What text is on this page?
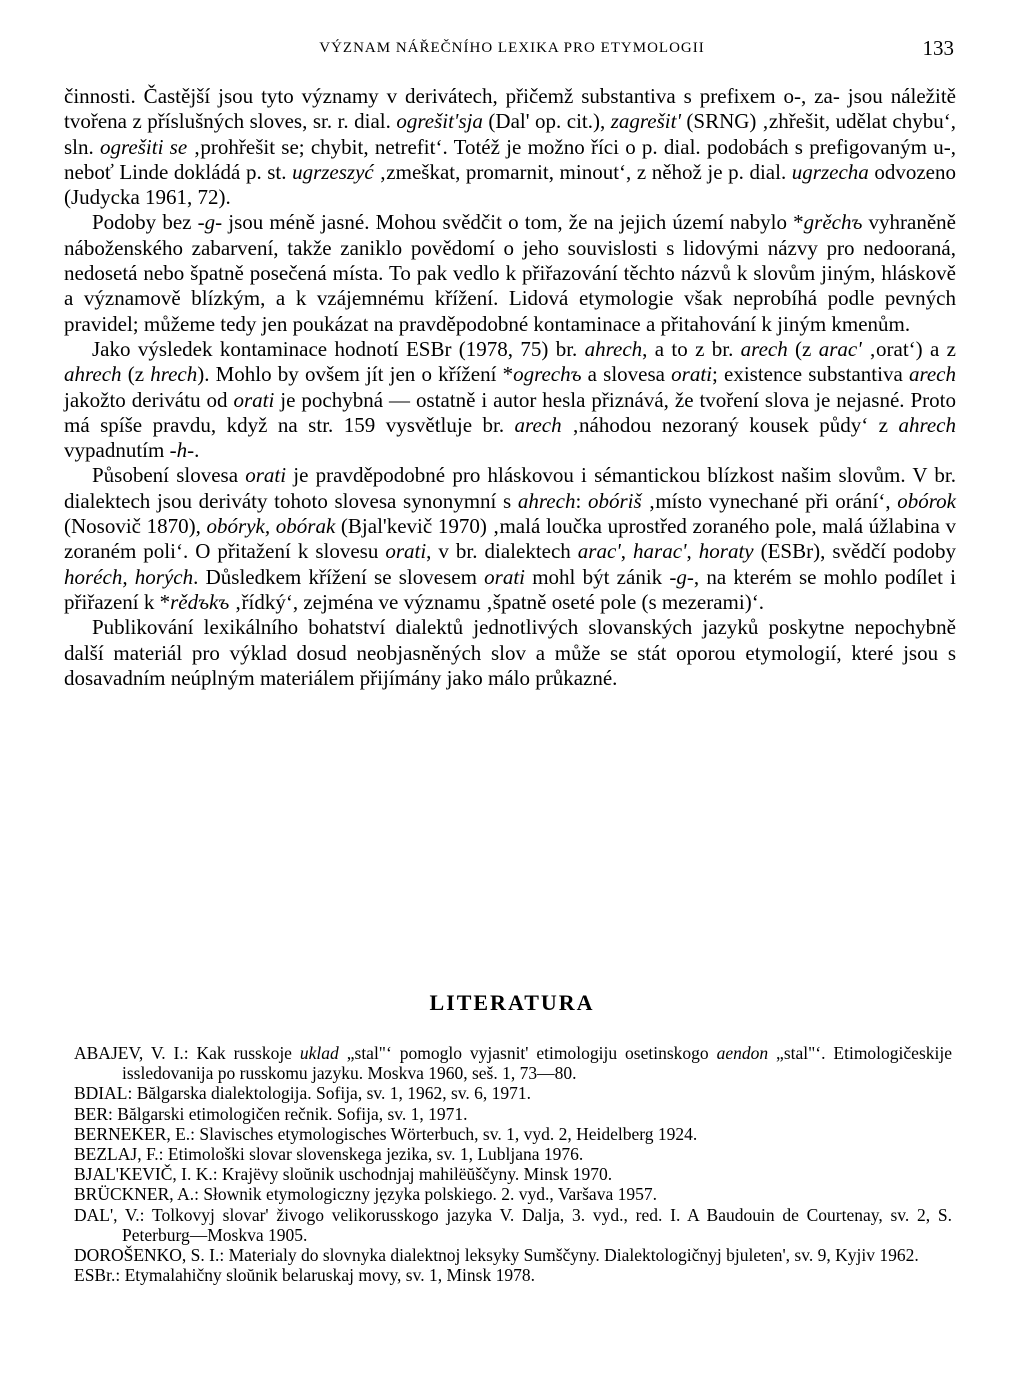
VÝZNAM NÁŘEČNÍHO LEXIKA PRO ETYMOLOGII	133

činnosti. Častější jsou tyto významy v derivátech, přičemž substantiva s prefixem o-, za- jsou náležitě tvořena z příslušných sloves, sr. r. dial. ogrešit'sja (Dal' op. cit.), zagrešit' (SRNG) ‚zhřešit, udělat chybu‘, sln. ogrešiti se ‚prohřešit se; chybit, netrefit‘. Totéž je možno říci o p. dial. podobách s prefigovaným u-, neboť Linde dokládá p. st. ugrzeszyć ‚zmeškat, promarnit, minout‘, z něhož je p. dial. ugrzecha odvozeno (Judycka 1961, 72).

Podoby bez -g- jsou méně jasné. Mohou svědčit o tom, že na jejich území nabylo *grěchъ vyhraněně náboženského zabarvení, takže zaniklo povědomí o jeho souvislosti s lidovými názvy pro nedooraná, nedosetá nebo špatně posečená místa. To pak vedlo k přiřazování těchto názvů k slovům jiným, hláskově a významově blízkým, a k vzájemnému křížení. Lidová etymologie však neprobíhá podle pevných pravidel; můžeme tedy jen poukázat na pravděpodobné kontaminace a přitahování k jiným kmenům.

Jako výsledek kontaminace hodnotí ESBr (1978, 75) br. ahrech, a to z br. arech (z arac' ‚orat‘) a z ahrech (z hrech). Mohlo by ovšem jít jen o křížení *ogrechъ a slovesa orati; existence substantiva arech jakožto derivátu od orati je pochybná — ostatně i autor hesla přiznává, že tvoření slova je nejasné. Proto má spíše pravdu, když na str. 159 vysvětluje br. arech ‚náhodou nezoraný kousek půdy‘ z ahrech vypadnutím -h-.

Působení slovesa orati je pravděpodobné pro hláskovou i sémantickou blízkost našim slovům. V br. dialektech jsou deriváty tohoto slovesa synonymní s ahrech: obóriš ‚místo vynechané při orání‘, obórok (Nosovič 1870), obóryk, obórak (Bjal'kevič 1970) ‚malá loučka uprostřed zoraného pole, malá úžlabina v zoraném poli‘. O přitažení k slovesu orati, v br. dialektech arac', harac', horaty (ESBr), svědčí podoby horéch, horých. Důsledkem křížení se slovesem orati mohl být zánik -g-, na kterém se mohlo podílet i přiřazení k *rědъkъ ‚řídký‘, zejména ve významu ‚špatně oseté pole (s mezerami)‘.

Publikování lexikálního bohatství dialektů jednotlivých slovanských jazyků poskytne nepochybně další materiál pro výklad dosud neobjasněných slov a může se stát oporou etymologií, které jsou s dosavadním neúplným materiálem přijímány jako málo průkazné.

LITERATURA
ABAJEV, V. I.: Kak russkoje uklad „stal"‘ pomoglo vyjasnit' etimologiju osetinskogo aendon „stal"‘. Etimologičeskije issledovanija po russkomu jazyku. Moskva 1960, seš. 1, 73—80.
BDIAL: Bălgarska dialektologija. Sofija, sv. 1, 1962, sv. 6, 1971.
BER: Bălgarski etimologičen rečnik. Sofija, sv. 1, 1971.
BERNEKER, E.: Slavisches etymologisches Wörterbuch, sv. 1, vyd. 2, Heidelberg 1924.
BEZLAJ, F.: Etimološki slovar slovenskega jezika, sv. 1, Lubljana 1976.
BJAL'KEVIČ, I. K.: Krajëvy sloŭnik uschodnjaj mahilëŭščyny. Minsk 1970.
BRÜCKNER, A.: Słownik etymologiczny języka polskiego. 2. vyd., Varšava 1957.
DAL', V.: Tolkovyj slovar' živogo velikorusskogo jazyka V. Dalja, 3. vyd., red. I. A Baudouin de Courtenay, sv. 2, S. Peterburg—Moskva 1905.
DOROŠENKO, S. I.: Materialy do slovnyka dialektnoj leksyky Sumščyny. Dialektologičnyj bjuleten', sv. 9, Kyjiv 1962.
ESBr.: Etymalahičny sloŭnik belaruskaj movy, sv. 1, Minsk 1978.
